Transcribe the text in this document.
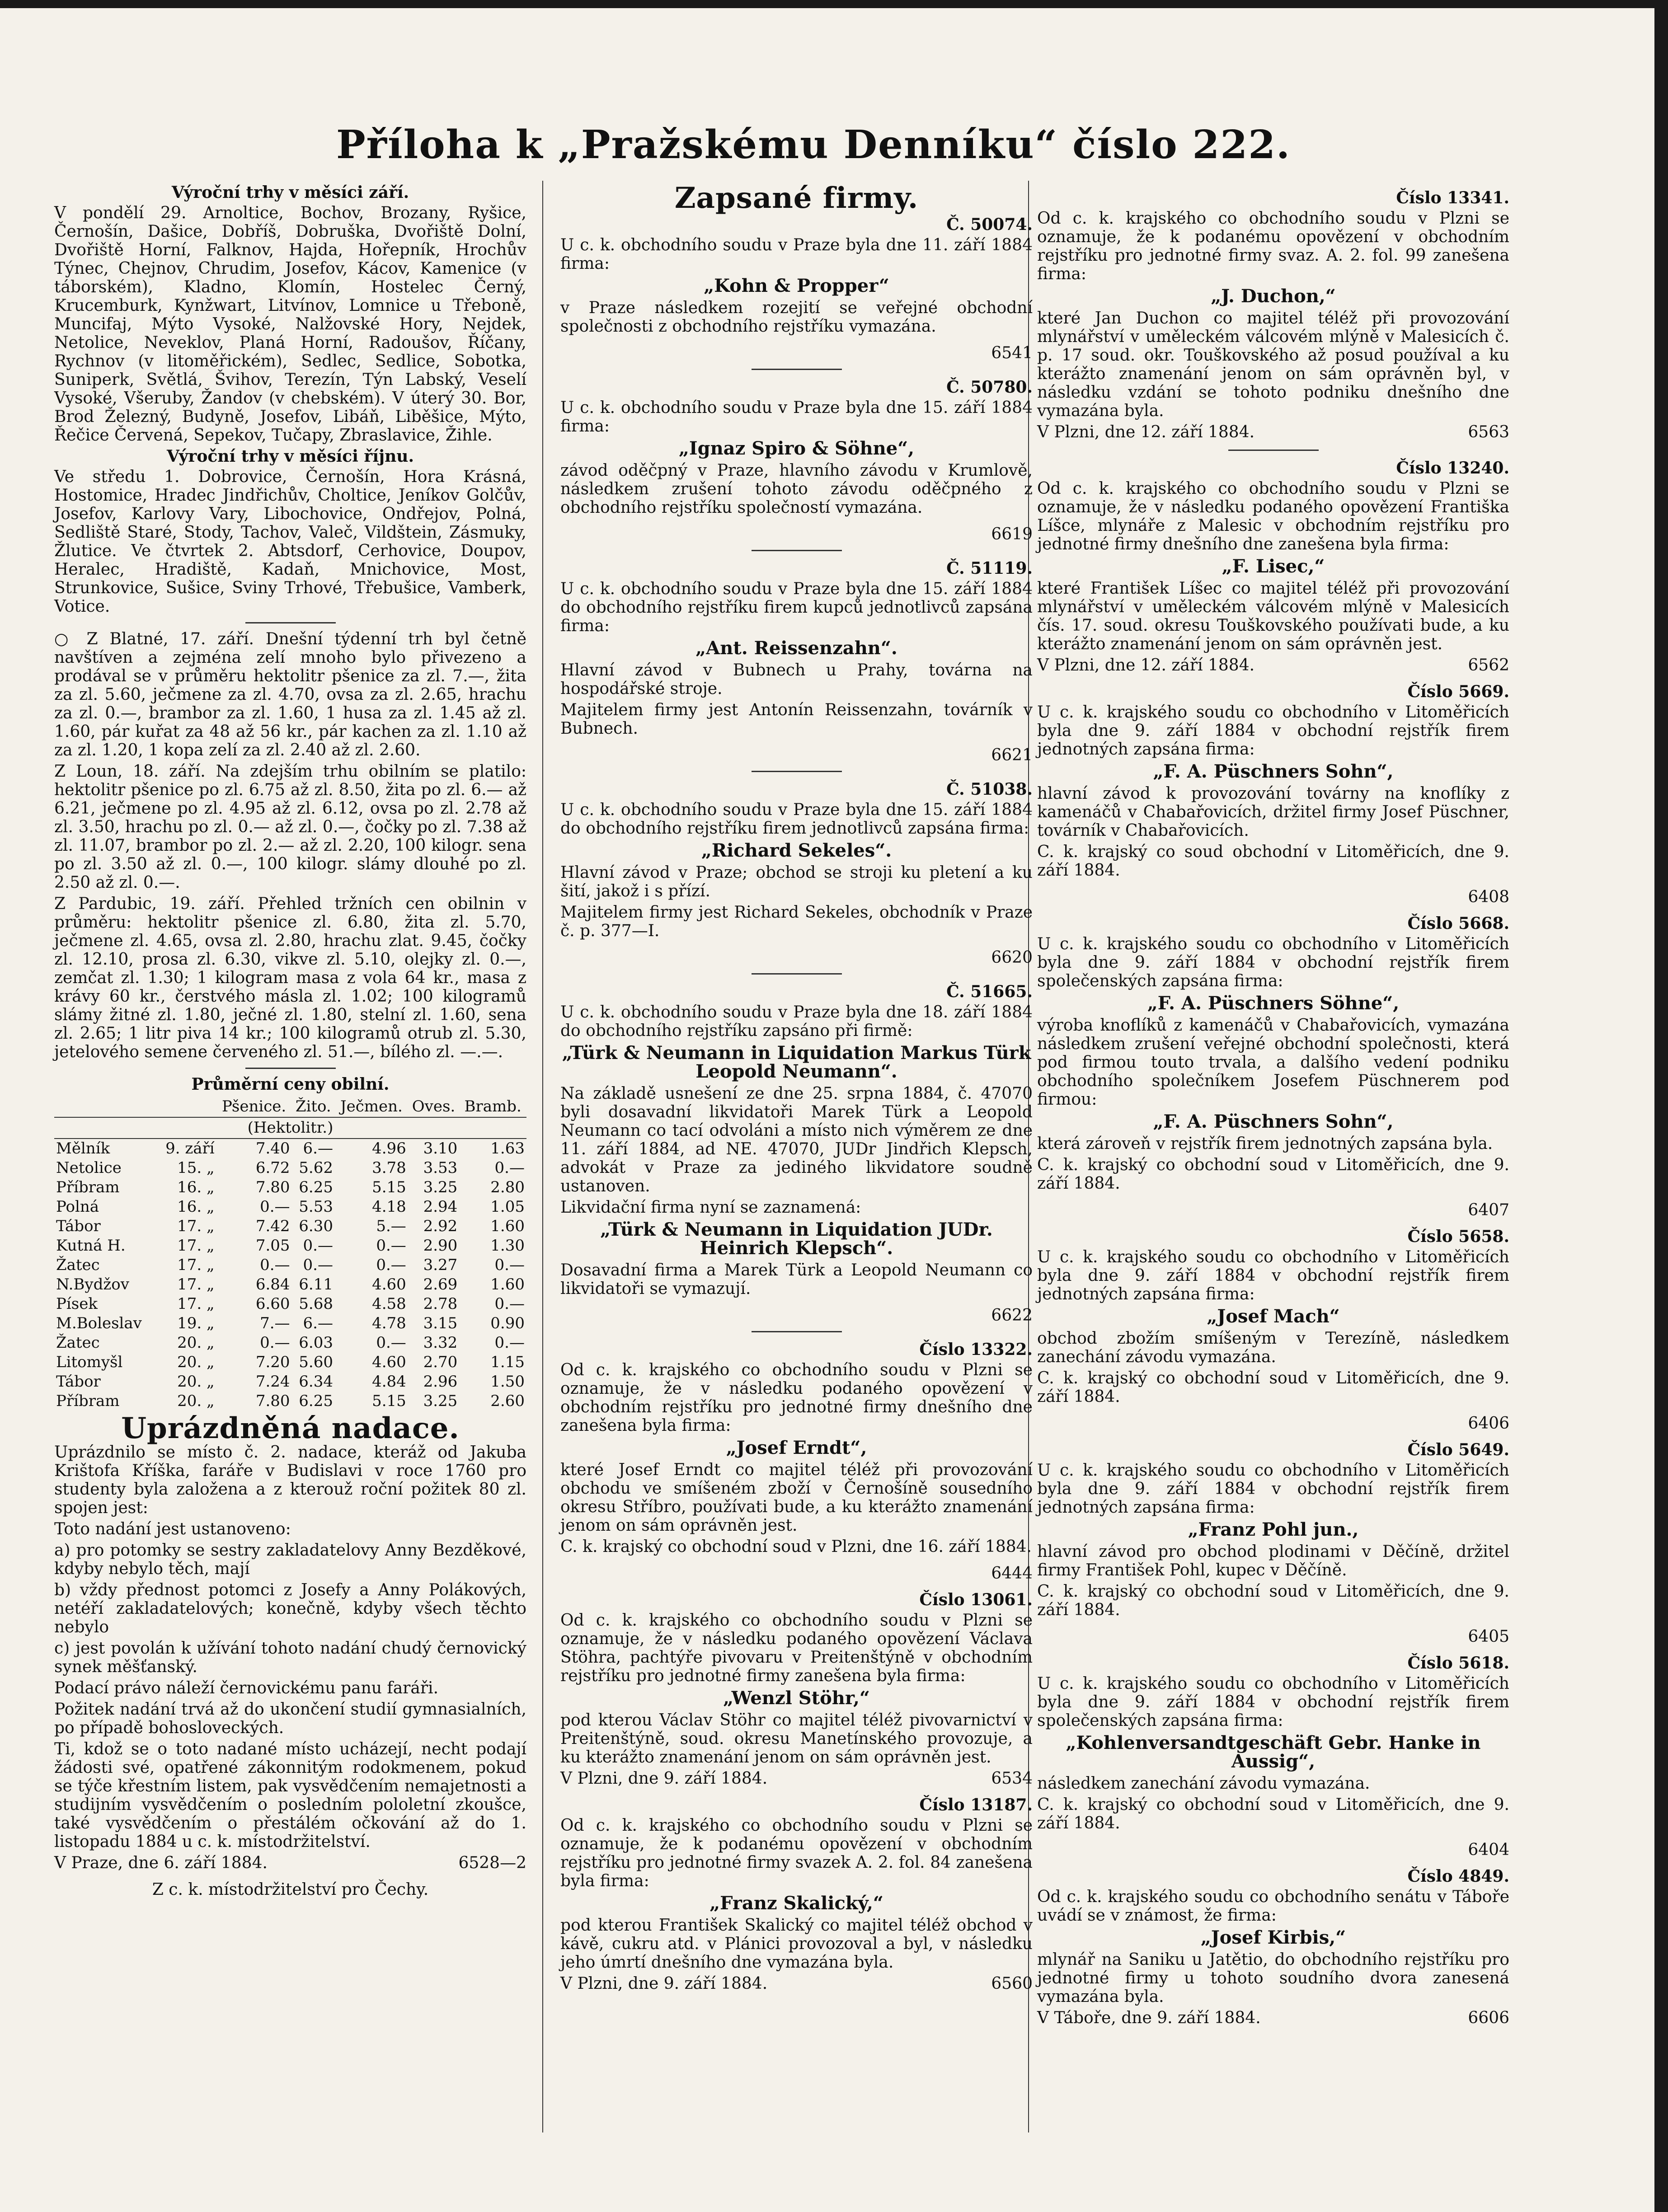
Příloha k „Pražskému Denníku“ číslo 222.
Výroční trhy v měsíci září.

V pondělí 29. Arnoltice, Bochov, Brozany, Ryšice, Černošín, Dašice, Dobříš, Dobruška, Dvořiště Dolní, Dvořiště Horní, Falknov, Hajda, Hořepník, Hrochův Týnec, Chejnov, Chrudim, Josefov, Kácov, Kamenice (v táborském), Kladno, Klomín, Hostelec Černý, Krucemburk, Kynžwart, Litvínov, Lomnice u Třeboně, Muncifaj, Mýto Vysoké, Nalžovské Hory, Nejdek, Netolice, Neveklov, Planá Horní, Radoušov, Říčany, Rychnov (v litoměřickém), Sedlec, Sedlice, Sobotka, Suniperk, Světlá, Švihov, Terezín, Týn Labský, Veselí Vysoké, Všeruby, Žandov (v chebském). V úterý 30. Bor, Brod Železný, Budyně, Josefov, Libáň, Liběšice, Mýto, Řečice Červená, Sepekov, Tučapy, Zbraslavice, Žihle.

Výroční trhy v měsíci říjnu.

Ve středu 1. Dobrovice, Černošín, Hora Krásná, Hostomice, Hradec Jindřichův, Choltice, Jeníkov Golčův, Josefov, Karlovy Vary, Libochovice, Ondřejov, Polná, Sedliště Staré, Stody, Tachov, Valeč, Vildštein, Zásmuky, Žlutice. Ve čtvrtek 2. Abtsdorf, Cerhovice, Doupov, Heralec, Hradiště, Kadaň, Mnichovice, Most, Strunkovice, Sušice, Sviny Trhové, Třebušice, Vamberk, Votice.

○ Z Blatné, 17. září. Dnešní týdenní trh byl četně navštíven a zejména zelí mnoho bylo přivezeno a prodával se v průměru hektolitr pšenice za zl. 7.—, žita za zl. 5.60, ječmene za zl. 4.70, ovsa za zl. 2.65, hrachu za zl. 0.—, brambor za zl. 1.60, 1 husa za zl. 1.45 až zl. 1.60, pár kuřat za 48 až 56 kr., pár kachen za zl. 1.10 až za zl. 1.20, 1 kopa zelí za zl. 2.40 až zl. 2.60.

Z Loun, 18. září. Na zdejším trhu obilním se platilo: hektolitr pšenice po zl. 6.75 až zl. 8.50, žita po zl. 6.— až 6.21, ječmene po zl. 4.95 až zl. 6.12, ovsa po zl. 2.78 až zl. 3.50, hrachu po zl. 0.— až zl. 0.—, čočky po zl. 7.38 až zl. 11.07, brambor po zl. 2.— až zl. 2.20, 100 kilogr. sena po zl. 3.50 až zl. 0.—, 100 kilogr. slámy dlouhé po zl. 2.50 až zl. 0.—.

Z Pardubic, 19. září. Přehled tržních cen obilnin v průměru: hektolitr pšenice zl. 6.80, žita zl. 5.70, ječmene zl. 4.65, ovsa zl. 2.80, hrachu zlat. 9.45, čočky zl. 12.10, prosa zl. 6.30, vikve zl. 5.10, olejky zl. 0.—, zemčat zl. 1.30; 1 kilogram masa z vola 64 kr., masa z krávy 60 kr., čerstvého másla zl. 1.02; 100 kilogramů slámy žitné zl. 1.80, ječné zl. 1.80, stelní zl. 1.60, sena zl. 2.65; 1 litr piva 14 kr.; 100 kilogramů otrub zl. 5.30, jetelového semene červeného zl. 51.—, bílého zl. —.—.

Průměrní ceny obilní.
		Pšenice.	Žito.	Ječmen.	Oves.	Bramb.
(Hektolitr.)						
Mělník	9. září	7.40	6.—	4.96	3.10	1.63
Netolice	15. „	6.72	5.62	3.78	3.53	0.—
Příbram	16. „	7.80	6.25	5.15	3.25	2.80
Polná	16. „	0.—	5.53	4.18	2.94	1.05
Tábor	17. „	7.42	6.30	5.—	2.92	1.60
Kutná H.	17. „	7.05	0.—	0.—	2.90	1.30
Žatec	17. „	0.—	0.—	0.—	3.27	0.—
N.Bydžov	17. „	6.84	6.11	4.60	2.69	1.60
Písek	17. „	6.60	5.68	4.58	2.78	0.—
M.Boleslav	19. „	7.—	6.—	4.78	3.15	0.90
Žatec	20. „	0.—	6.03	0.—	3.32	0.—
Litomyšl	20. „	7.20	5.60	4.60	2.70	1.15
Tábor	20. „	7.24	6.34	4.84	2.96	1.50
Příbram	20. „	7.80	6.25	5.15	3.25	2.60
Uprázdněná nadace.

Uprázdnilo se místo č. 2. nadace, kteráž od Jakuba Krištofa Kříška, faráře v Budislavi v roce 1760 pro studenty byla založena a z kterouž roční požitek 80 zl. spojen jest:

Toto nadání jest ustanoveno:

a) pro potomky se sestry zakladatelovy Anny Bezděkové, kdyby nebylo těch, mají

b) vždy přednost potomci z Josefy a Anny Polákových, netéří zakladatelových; konečně, kdyby všech těchto nebylo

c) jest povolán k užívání tohoto nadání chudý černovický synek měšťanský.

Podací právo náleží černovickému panu faráři.

Požitek nadání trvá až do ukončení studií gymnasialních, po případě bohosloveckých.

Ti, kdož se o toto nadané místo ucházejí, necht podají žádosti své, opatřené zákonnitým rodokmenem, pokud se týče křestním listem, pak vysvědčením nemajetnosti a studijním vysvědčením o posledním pololetní zkoušce, také vysvědčením o přestálém očkování až do 1. listopadu 1884 u c. k. místodržitelství.

V Praze, dne 6. září 1884.	6528—2
Z c. k. místodržitelství pro Čechy.
Zapsané firmy.
Č. 50074.

U c. k. obchodního soudu v Praze byla dne 11. září 1884 firma:

„Kohn & Propper“

v Praze následkem rozejití se veřejné obchodní společnosti z obchodního rejstříku vymazána.

6541
Č. 50780.

U c. k. obchodního soudu v Praze byla dne 15. září 1884 firma:

„Ignaz Spiro & Söhne“,

závod oděčpný v Praze, hlavního závodu v Krumlově, následkem zrušení tohoto závodu oděčpného z obchodního rejstříku společností vymazána.

6619
Č. 51119.

U c. k. obchodního soudu v Praze byla dne 15. září 1884 do obchodního rejstříku firem kupců jednotlivců zapsána firma:

„Ant. Reissenzahn“.

Hlavní závod v Bubnech u Prahy, továrna na hospodářské stroje.

Majitelem firmy jest Antonín Reissenzahn, továrník v Bubnech.

6621
Č. 51038.

U c. k. obchodního soudu v Praze byla dne 15. září 1884 do obchodního rejstříku firem jednotlivců zapsána firma:

„Richard Sekeles“.

Hlavní závod v Praze; obchod se stroji ku pletení a ku šití, jakož i s přízí.

Majitelem firmy jest Richard Sekeles, obchodník v Praze č. p. 377—I.

6620
Č. 51665.

U c. k. obchodního soudu v Praze byla dne 18. září 1884 do obchodního rejstříku zapsáno při firmě:

„Türk & Neumann in Liquidation Markus Türk Leopold Neumann“.

Na základě usnešení ze dne 25. srpna 1884, č. 47070 byli dosavadní likvidatoři Marek Türk a Leopold Neumann co tací odvoláni a místo nich výměrem ze dne 11. září 1884, ad NE. 47070, JUDr Jindřich Klepsch, advokát v Praze za jediného likvidatore soudně ustanoven.

Likvidační firma nyní se zaznamená:

„Türk & Neumann in Liquidation JUDr. Heinrich Klepsch“.

Dosavadní firma a Marek Türk a Leopold Neumann co likvidatoři se vymazují.

6622
Číslo 13322.

Od c. k. krajského co obchodního soudu v Plzni se oznamuje, že v následku podaného opovězení v obchodním rejstříku pro jednotné firmy dnešního dne zanešena byla firma:

„Josef Erndt“,

které Josef Erndt co majitel téléž při provozování obchodu ve smíšeném zboží v Černošíně sousedního okresu Stříbro, používati bude, a ku kterážto znamenání jenom on sám oprávněn jest.

C. k. krajský co obchodní soud v Plzni, dne 16. září 1884.

6444
Číslo 13061.

Od c. k. krajského co obchodního soudu v Plzni se oznamuje, že v následku podaného opovězení Václava Stöhra, pachtýře pivovaru v Preitenštýně v obchodním rejstříku pro jednotné firmy zanešena byla firma:

„Wenzl Stöhr,“

pod kterou Václav Stöhr co majitel téléž pivovarnictví v Preitenštýně, soud. okresu Manetínského provozuje, a ku kterážto znamenání jenom on sám oprávněn jest.

V Plzni, dne 9. září 1884.	6534
Číslo 13187.

Od c. k. krajského co obchodního soudu v Plzni se oznamuje, že k podanému opovězení v obchodním rejstříku pro jednotné firmy svazek A. 2. fol. 84 zanešena byla firma:

„Franz Skalický,“

pod kterou František Skalický co majitel téléž obchod v kávě, cukru atd. v Plánici provozoval a byl, v následku jeho úmrtí dnešního dne vymazána byla.

V Plzni, dne 9. září 1884.	6560
Číslo 13341.

Od c. k. krajského co obchodního soudu v Plzni se oznamuje, že k podanému opovězení v obchodním rejstříku pro jednotné firmy svaz. A. 2. fol. 99 zanešena firma:

„J. Duchon,“

které Jan Duchon co majitel téléž při provozování mlynářství v uměleckém válcovém mlýně v Malesicích č. p. 17 soud. okr. Touškovského až posud používal a ku kterážto znamenání jenom on sám oprávněn byl, v následku vzdání se tohoto podniku dnešního dne vymazána byla.

V Plzni, dne 12. září 1884.	6563
Číslo 13240.

Od c. k. krajského co obchodního soudu v Plzni se oznamuje, že v následku podaného opovězení Františka Líšce, mlynáře z Malesic v obchodním rejstříku pro jednotné firmy dnešního dne zanešena byla firma:

„F. Lisec,“

které František Líšec co majitel téléž při provozování mlynářství v uměleckém válcovém mlýně v Malesicích čís. 17. soud. okresu Touškovského používati bude, a ku kterážto znamenání jenom on sám oprávněn jest.

V Plzni, dne 12. září 1884.	6562
Číslo 5669.

U c. k. krajského soudu co obchodního v Litoměřicích byla dne 9. září 1884 v obchodní rejstřík firem jednotných zapsána firma:

„F. A. Püschners Sohn“,

hlavní závod k provozování továrny na knoflíky z kamenáčů v Chabařovicích, držitel firmy Josef Püschner, továrník v Chabařovicích.

C. k. krajský co soud obchodní v Litoměřicích, dne 9. září 1884.

6408
Číslo 5668.

U c. k. krajského soudu co obchodního v Litoměřicích byla dne 9. září 1884 v obchodní rejstřík firem společenských zapsána firma:

„F. A. Püschners Söhne“,

výroba knoflíků z kamenáčů v Chabařovicích, vymazána následkem zrušení veřejné obchodní společnosti, která pod firmou touto trvala, a dalšího vedení podniku obchodního společníkem Josefem Püschnerem pod firmou:

„F. A. Püschners Sohn“,

která zároveň v rejstřík firem jednotných zapsána byla.

C. k. krajský co obchodní soud v Litoměřicích, dne 9. září 1884.

6407
Číslo 5658.

U c. k. krajského soudu co obchodního v Litoměřicích byla dne 9. září 1884 v obchodní rejstřík firem jednotných zapsána firma:

„Josef Mach“

obchod zbožím smíšeným v Terezíně, následkem zanechání závodu vymazána.

C. k. krajský co obchodní soud v Litoměřicích, dne 9. září 1884.

6406
Číslo 5649.

U c. k. krajského soudu co obchodního v Litoměřicích byla dne 9. září 1884 v obchodní rejstřík firem jednotných zapsána firma:

„Franz Pohl jun.,

hlavní závod pro obchod plodinami v Děčíně, držitel firmy František Pohl, kupec v Děčíně.

C. k. krajský co obchodní soud v Litoměřicích, dne 9. září 1884.

6405
Číslo 5618.

U c. k. krajského soudu co obchodního v Litoměřicích byla dne 9. září 1884 v obchodní rejstřík firem společenských zapsána firma:

„Kohlenversandtgeschäft Gebr. Hanke in Aussig“,

následkem zanechání závodu vymazána.

C. k. krajský co obchodní soud v Litoměřicích, dne 9. září 1884.

6404
Číslo 4849.

Od c. k. krajského soudu co obchodního senátu v Táboře uvádí se v známost, že firma:

„Josef Kirbis,“

mlynář na Saniku u Jatětio, do obchodního rejstříku pro jednotné firmy u tohoto soudního dvora zanesená vymazána byla.

V Táboře, dne 9. září 1884.	6606
